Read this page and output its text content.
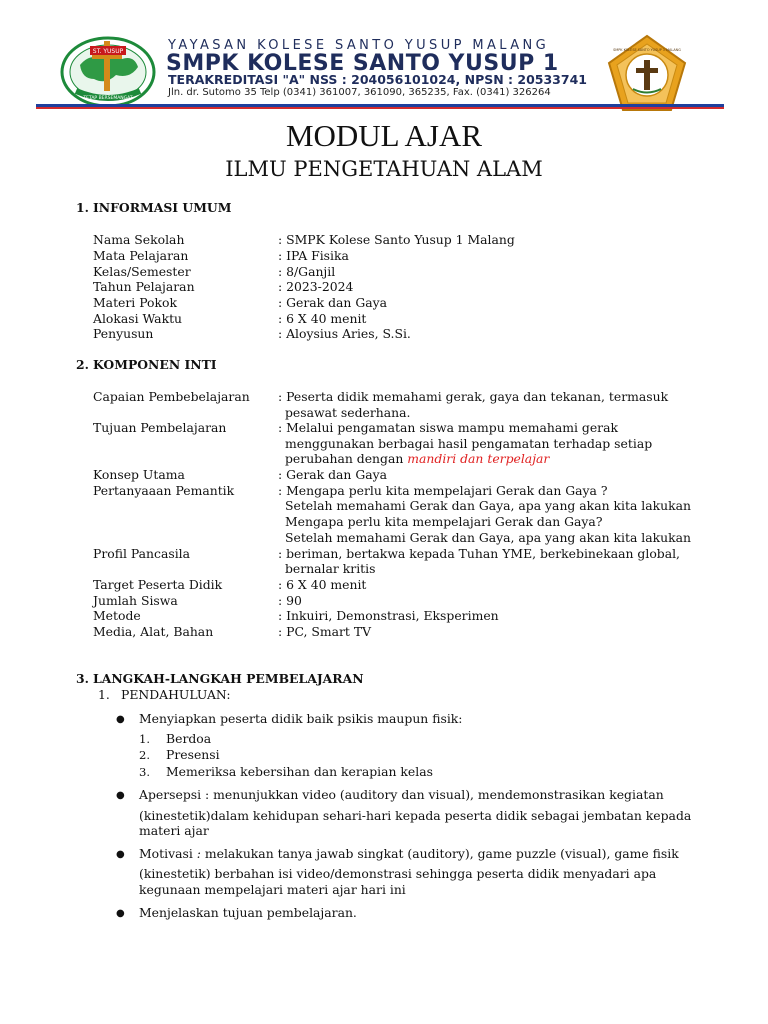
ST. YUSUP
TETAP BERSEMANGAT
YAYASAN KOLESE SANTO YUSUP MALANG
SMPK KOLESE SANTO YUSUP 1
TERAKREDITASI "A" NSS : 204056101024, NPSN : 20533741
Jln. dr. Sutomo 35 Telp (0341) 361007, 361090, 365235, Fax. (0341) 326264
SMPK KOLESE SANTO YUSUP 1 MALANG
MODUL AJAR
ILMU PENGETAHUAN ALAM
1. INFORMASI UMUM
Nama Sekolah	: SMPK Kolese Santo Yusup 1 Malang
Mata Pelajaran	: IPA Fisika
Kelas/Semester	: 8/Ganjil
Tahun Pelajaran	: 2023-2024
Materi Pokok	: Gerak dan Gaya
Alokasi Waktu	: 6 X 40 menit
Penyusun	: Aloysius Aries, S.Si.
2. KOMPONEN INTI
Capaian Pembebelajaran : Peserta didik memahami gerak, gaya dan tekanan, termasuk
pesawat sederhana.
Tujuan Pembelajaran	: Melalui pengamatan siswa mampu memahami gerak
menggunakan berbagai hasil pengamatan terhadap setiap
perubahan dengan mandiri dan terpelajar
Konsep Utama	: Gerak dan Gaya
Pertanyaaan Pemantik	: Mengapa perlu kita mempelajari Gerak dan Gaya ?
Setelah memahami Gerak dan Gaya, apa yang akan kita lakukan
Mengapa perlu kita mempelajari Gerak dan Gaya?
Setelah memahami Gerak dan Gaya, apa yang akan kita lakukan
Profil Pancasila	: beriman, bertakwa kepada Tuhan YME, berkebinekaan global,
bernalar kritis
Target Peserta Didik	: 6 X 40 menit
Jumlah Siswa	: 90
Metode	: Inkuiri, Demonstrasi, Eksperimen
Media, Alat, Bahan	: PC, Smart TV
3. LANGKAH-LANGKAH PEMBELAJARAN
1. PENDAHULUAN:
● Menyiapkan peserta didik baik psikis maupun fisik:
1. Berdoa
2. Presensi
3. Memeriksa kebersihan dan kerapian kelas
● Apersepsi : menunjukkan video (auditory dan visual), mendemonstrasikan kegiatan
(kinestetik)dalam kehidupan sehari-hari kepada peserta didik sebagai jembatan kepada
materi ajar
● Motivasi : melakukan tanya jawab singkat (auditory), game puzzle (visual), game fisik
(kinestetik) berbahan isi video/demonstrasi sehingga peserta didik menyadari apa
kegunaan mempelajari materi ajar hari ini
● Menjelaskan tujuan pembelajaran.
